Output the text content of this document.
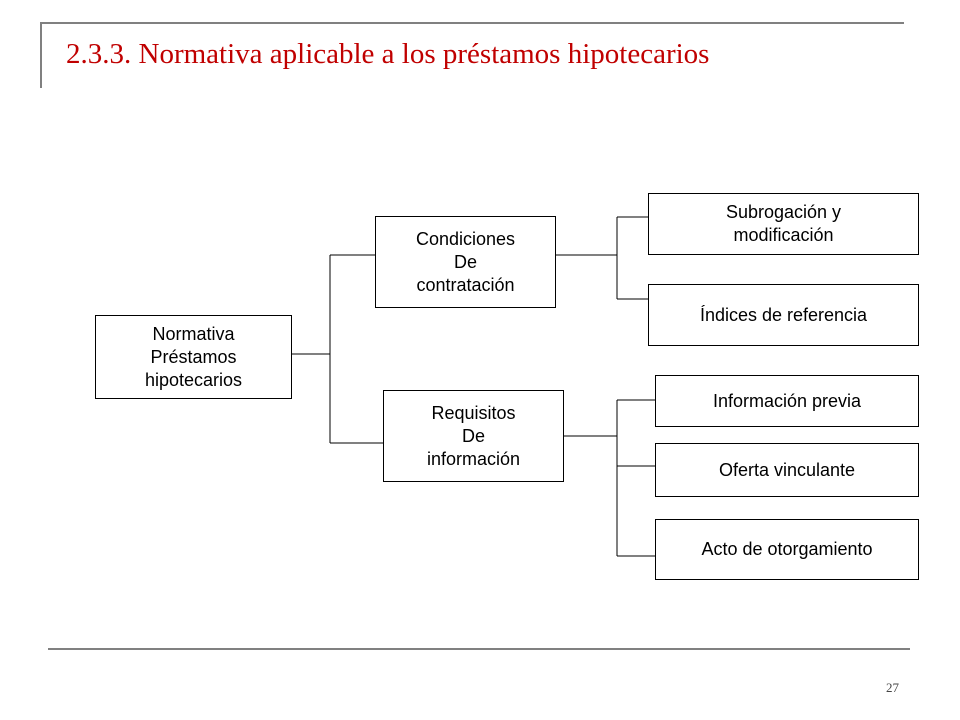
2.3.3. Normativa aplicable a los préstamos hipotecarios
Normativa
Préstamos
hipotecarios
Condiciones
De
contratación
Requisitos
De
información
Subrogación y
modificación
Índices de referencia
Información previa
Oferta vinculante
Acto de otorgamiento
27
